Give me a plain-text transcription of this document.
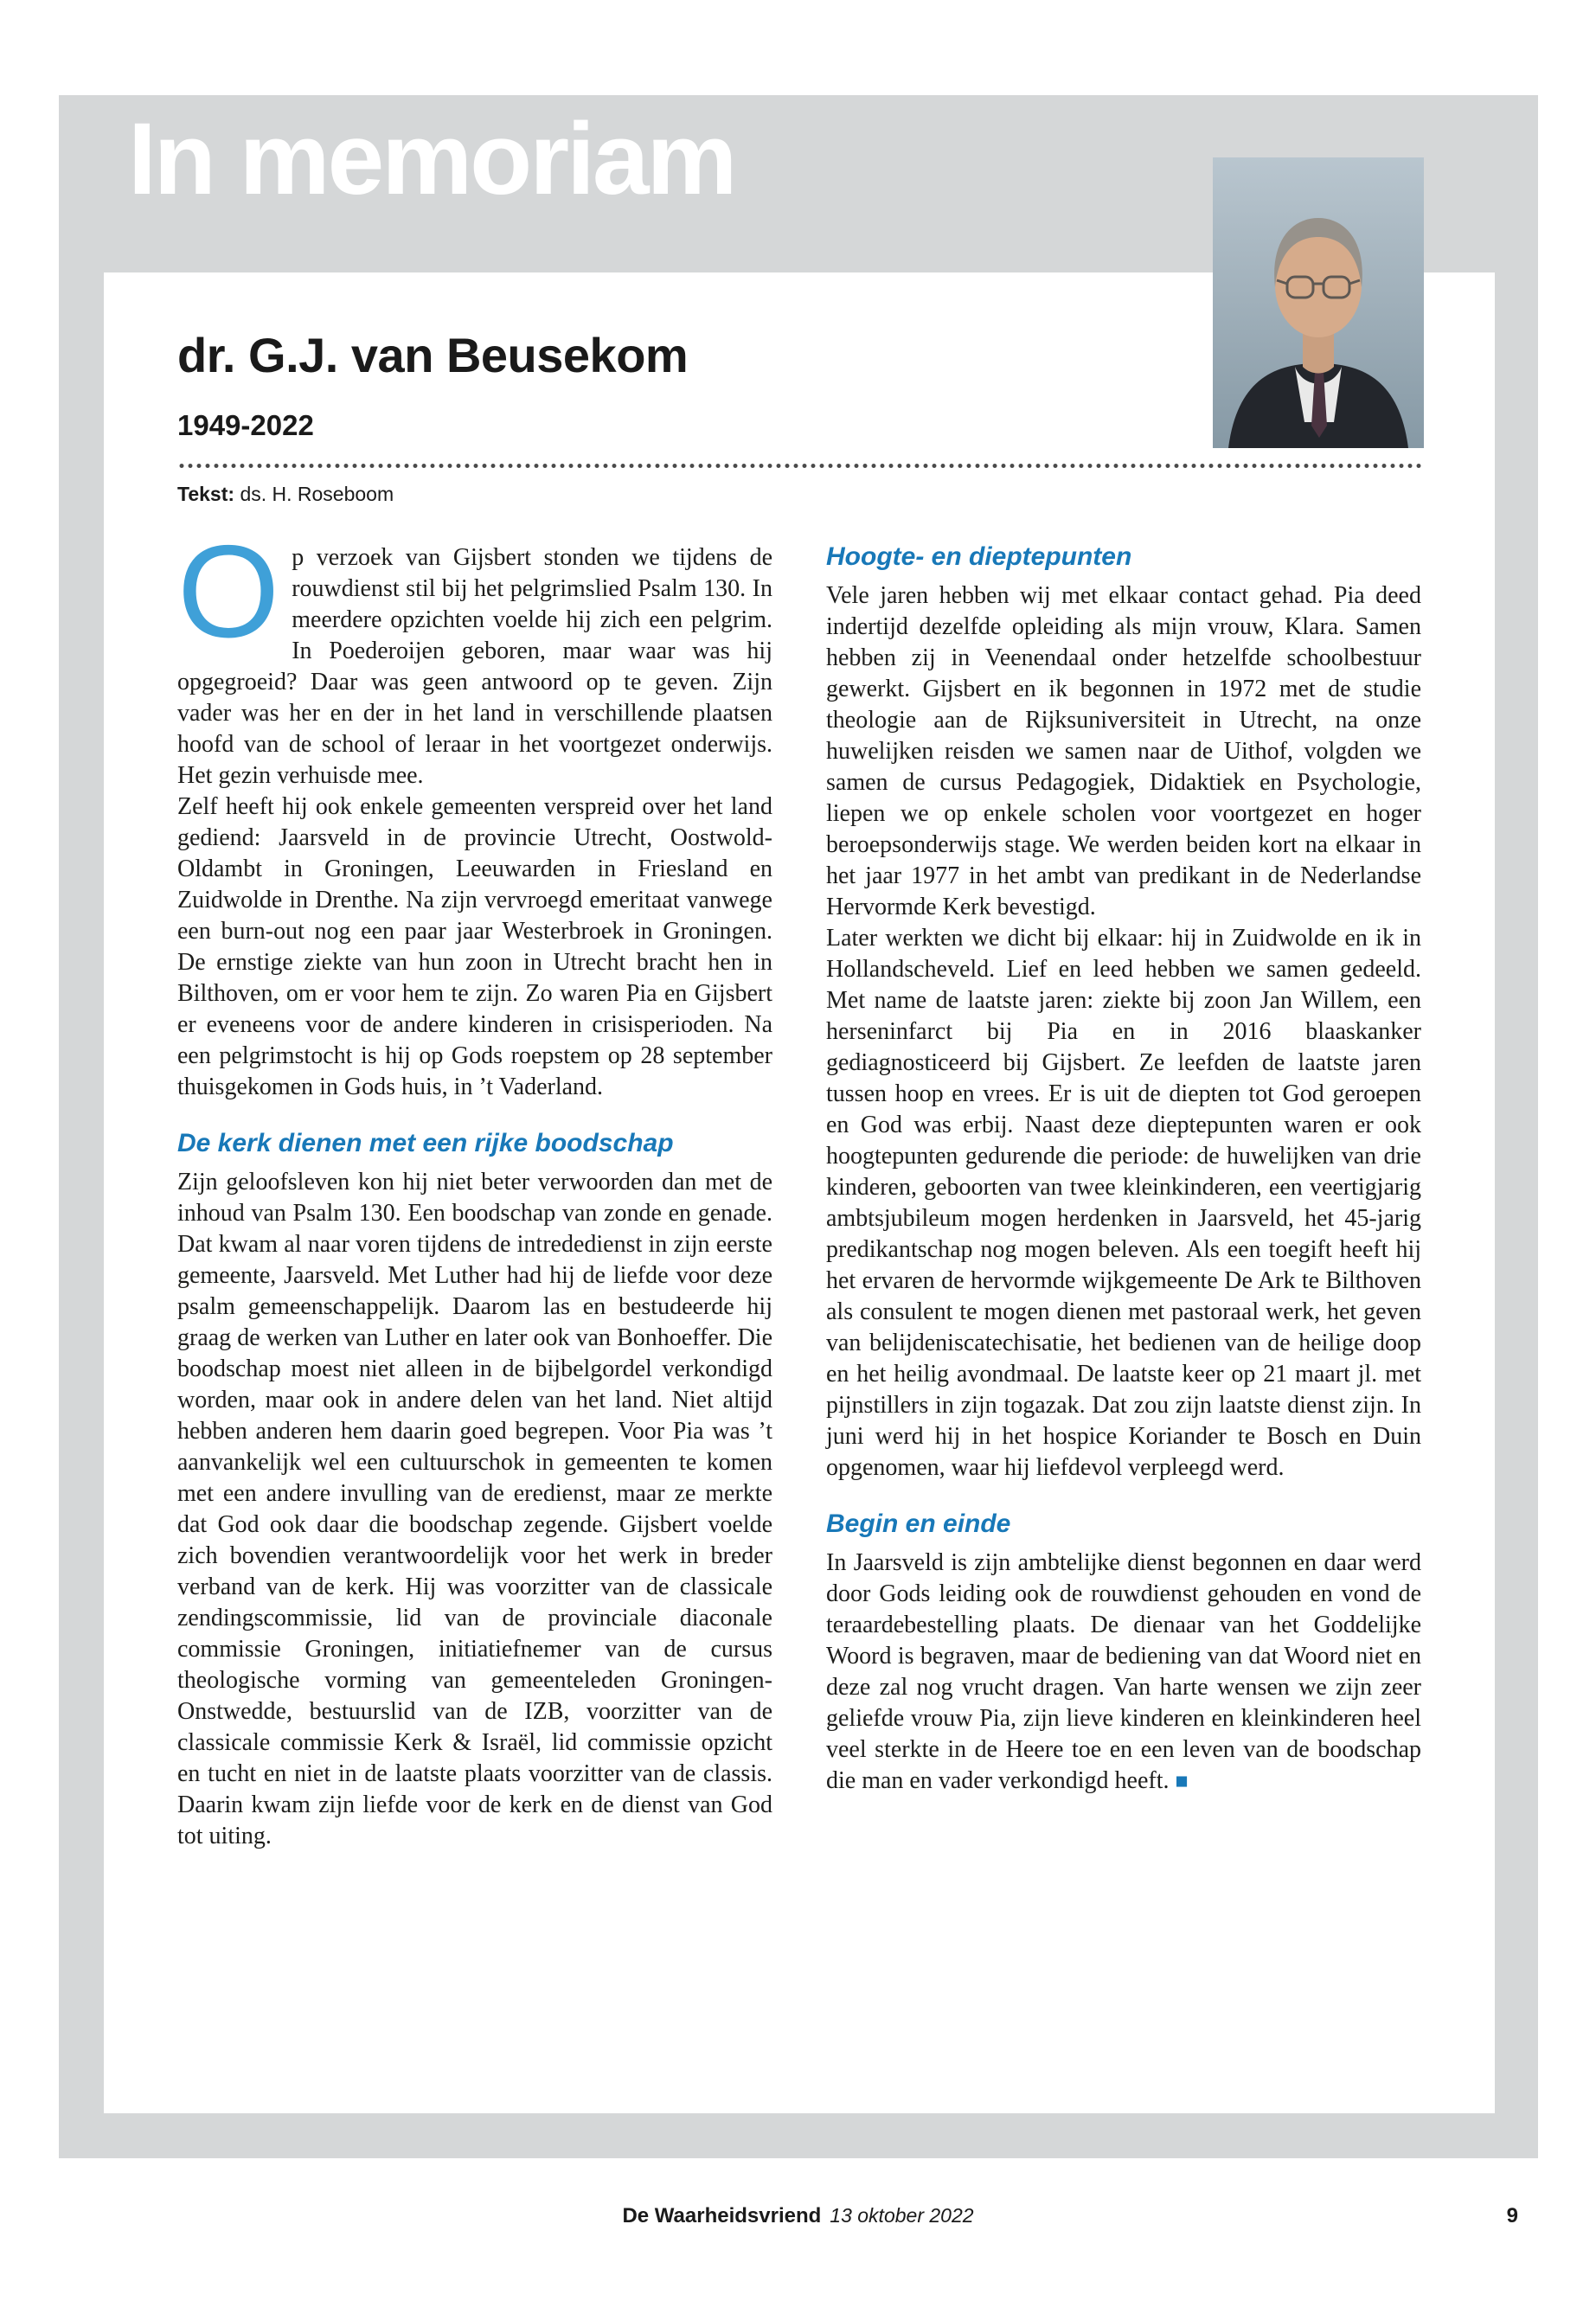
In memoriam
dr. G.J. van Beusekom
1949-2022
Tekst: ds. H. Roseboom

Op verzoek van Gijsbert stonden we tijdens de rouwdienst stil bij het pelgrimslied Psalm 130. In meerdere opzichten voelde hij zich een pelgrim. In Poederoijen geboren, maar waar was hij opgegroeid? Daar was geen antwoord op te geven. Zijn vader was her en der in het land in verschillende plaatsen hoofd van de school of leraar in het voortgezet onderwijs. Het gezin verhuisde mee.

Zelf heeft hij ook enkele gemeenten verspreid over het land gediend: Jaarsveld in de provincie Utrecht, Oostwold-Oldambt in Groningen, Leeuwarden in Friesland en Zuidwolde in Drenthe. Na zijn vervroegd emeritaat vanwege een burn-out nog een paar jaar Westerbroek in Groningen. De ernstige ziekte van hun zoon in Utrecht bracht hen in Bilthoven, om er voor hem te zijn. Zo waren Pia en Gijsbert er eveneens voor de andere kinderen in crisisperioden. Na een pelgrimstocht is hij op Gods roepstem op 28 september thuisgekomen in Gods huis, in ’t Vaderland.

De kerk dienen met een rijke boodschap

Zijn geloofsleven kon hij niet beter verwoorden dan met de inhoud van Psalm 130. Een boodschap van zonde en genade. Dat kwam al naar voren tijdens de intrededienst in zijn eerste gemeente, Jaarsveld. Met Luther had hij de liefde voor deze psalm gemeenschappelijk. Daarom las en bestudeerde hij graag de werken van Luther en later ook van Bonhoeffer. Die boodschap moest niet alleen in de bijbelgordel verkondigd worden, maar ook in andere delen van het land. Niet altijd hebben anderen hem daarin goed begrepen. Voor Pia was ’t aanvankelijk wel een cultuurschok in gemeenten te komen met een andere invulling van de eredienst, maar ze merkte dat God ook daar die boodschap zegende. Gijsbert voelde zich bovendien verantwoordelijk voor het werk in breder verband van de kerk. Hij was voorzitter van de classicale zendingscommissie, lid van de provinciale diaconale commissie Groningen, initiatiefnemer van de cursus theologische vorming van gemeenteleden Groningen-Onstwedde, bestuurslid van de IZB, voorzitter van de classicale commissie Kerk & Israël, lid commissie opzicht en tucht en niet in de laatste plaats voorzitter van de classis. Daarin kwam zijn liefde voor de kerk en de dienst van God tot uiting.

Hoogte- en dieptepunten

Vele jaren hebben wij met elkaar contact gehad. Pia deed indertijd dezelfde opleiding als mijn vrouw, Klara. Samen hebben zij in Veenendaal onder hetzelfde schoolbestuur gewerkt. Gijsbert en ik begonnen in 1972 met de studie theologie aan de Rijksuniversiteit in Utrecht, na onze huwelijken reisden we samen naar de Uithof, volgden we samen de cursus Pedagogiek, Didaktiek en Psychologie, liepen we op enkele scholen voor voortgezet en hoger beroepsonderwijs stage. We werden beiden kort na elkaar in het jaar 1977 in het ambt van predikant in de Nederlandse Hervormde Kerk bevestigd.

Later werkten we dicht bij elkaar: hij in Zuidwolde en ik in Hollandscheveld. Lief en leed hebben we samen gedeeld. Met name de laatste jaren: ziekte bij zoon Jan Willem, een herseninfarct bij Pia en in 2016 blaaskanker gediagnosticeerd bij Gijsbert. Ze leefden de laatste jaren tussen hoop en vrees. Er is uit de diepten tot God geroepen en God was erbij. Naast deze dieptepunten waren er ook hoogtepunten gedurende die periode: de huwelijken van drie kinderen, geboorten van twee kleinkinderen, een veertigjarig ambtsjubileum mogen herdenken in Jaarsveld, het 45-jarig predikantschap nog mogen beleven. Als een toegift heeft hij het ervaren de hervormde wijkgemeente De Ark te Bilthoven als consulent te mogen dienen met pastoraal werk, het geven van belijdeniscatechisatie, het bedienen van de heilige doop en het heilig avondmaal. De laatste keer op 21 maart jl. met pijnstillers in zijn togazak. Dat zou zijn laatste dienst zijn. In juni werd hij in het hospice Koriander te Bosch en Duin opgenomen, waar hij liefdevol verpleegd werd.

Begin en einde

In Jaarsveld is zijn ambtelijke dienst begonnen en daar werd door Gods leiding ook de rouwdienst gehouden en vond de teraardebestelling plaats. De dienaar van het Goddelijke Woord is begraven, maar de bediening van dat Woord niet en deze zal nog vrucht dragen. Van harte wensen we zijn zeer geliefde vrouw Pia, zijn lieve kinderen en kleinkinderen heel veel sterkte in de Heere toe en een leven van de boodschap die man en vader verkondigd heeft. ■

De Waarheidsvriend 13 oktober 2022	9
